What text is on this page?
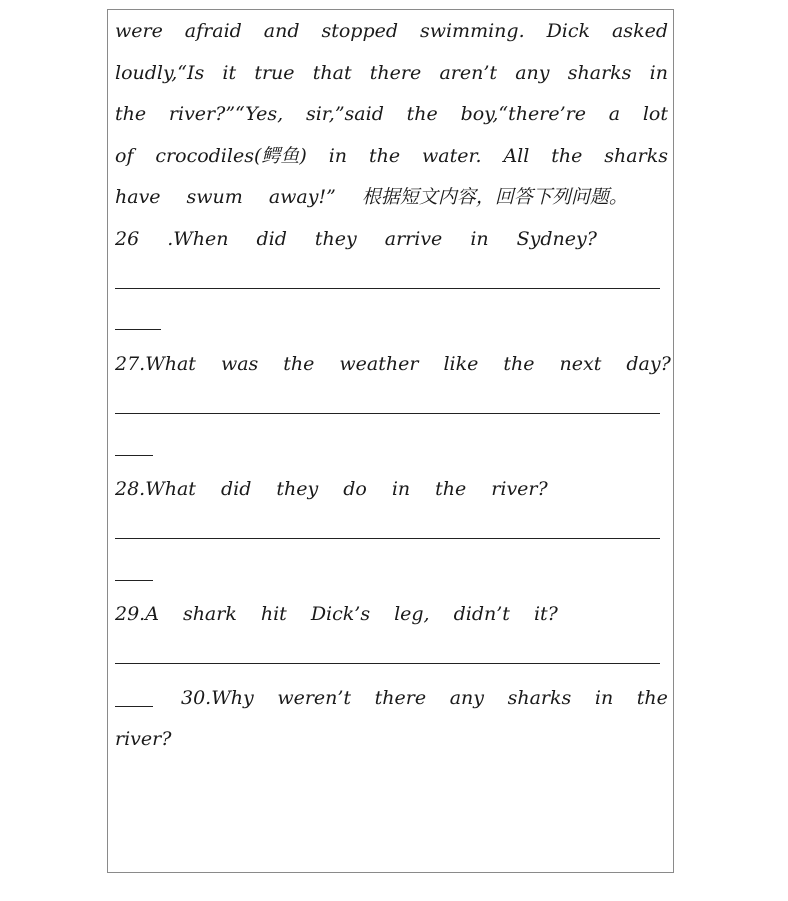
were afraid and stopped swimming. Dick asked
loudly,“Is it true that there aren’t any sharks in
the river?”“Yes, sir,”said the boy,“there’re a lot
of crocodiles(鳄鱼) in the water. All the sharks
have swum away!” 根据短文内容，回答下列问题。
26 .When did they arrive in Sydney?
27.What was the weather like the next day?
28.What did they do in the river?
29.A shark hit Dick’s leg, didn’t it?
30.Why weren’t there any sharks in the
river?
